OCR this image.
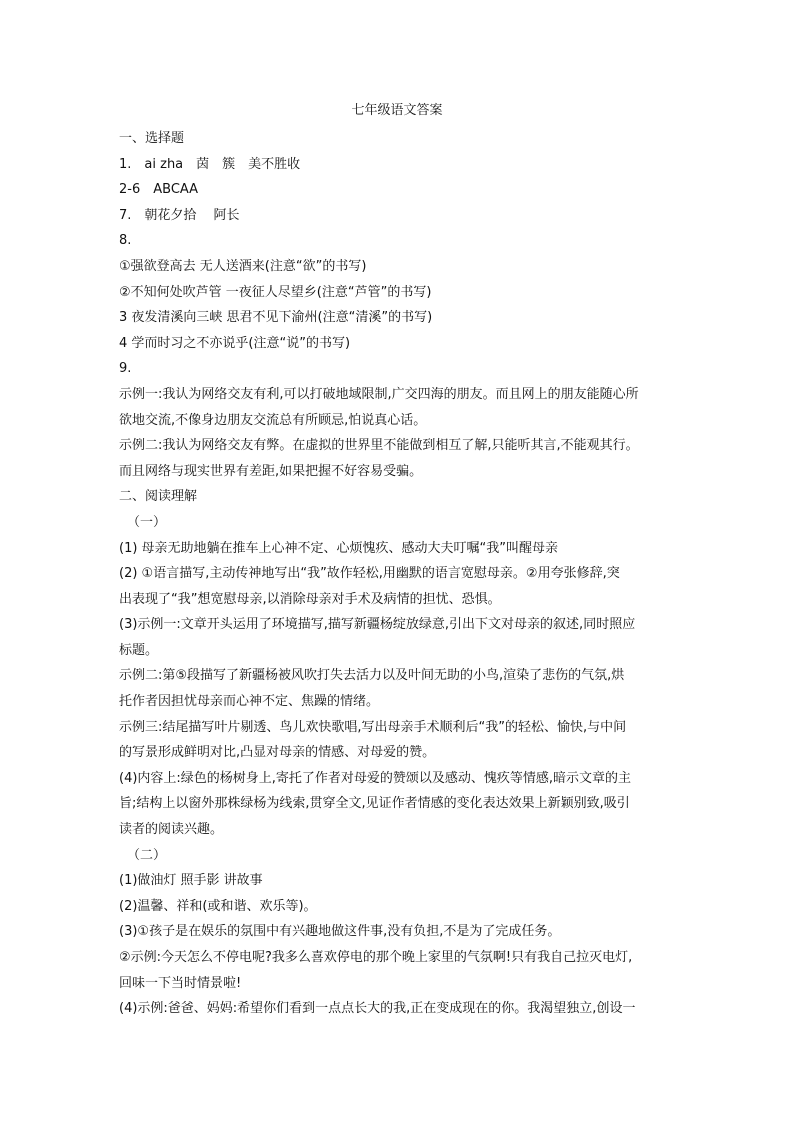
七年级语文答案
一、选择题
1.　ai zha　茵　簇　美不胜收
2-6　ABCAA
7.　朝花夕拾　 阿长
8.
①强欲登高去 无人送酒来(注意“欲”的书写)
②不知何处吹芦管 一夜征人尽望乡(注意“芦管”的书写)
3 夜发清溪向三峡 思君不见下渝州(注意“清溪”的书写)
4 学而时习之不亦说乎(注意“说”的书写)
9.
示例一:我认为网络交友有利,可以打破地域限制,广交四海的朋友。而且网上的朋友能随心所
欲地交流,不像身边朋友交流总有所顾忌,怕说真心话。
示例二:我认为网络交友有弊。在虚拟的世界里不能做到相互了解,只能听其言,不能观其行。
而且网络与现实世界有差距,如果把握不好容易受骗。
二、阅读理解
（一）
(1) 母亲无助地躺在推车上心神不定、心烦愧疚、感动大夫叮嘱“我”叫醒母亲
(2) ①语言描写,主动传神地写出“我”故作轻松,用幽默的语言宽慰母亲。②用夸张修辞,突
出表现了“我”想宽慰母亲,以消除母亲对手术及病情的担忧、恐惧。
(3)示例一:文章开头运用了环境描写,描写新疆杨绽放绿意,引出下文对母亲的叙述,同时照应
标题。
示例二:第⑤段描写了新疆杨被风吹打失去活力以及叶间无助的小鸟,渲染了悲伤的气氛,烘
托作者因担忧母亲而心神不定、焦躁的情绪。
示例三:结尾描写叶片剔透、鸟儿欢快歌唱,写出母亲手术顺利后“我”的轻松、愉快,与中间
的写景形成鲜明对比,凸显对母亲的情感、对母爱的赞。
(4)内容上:绿色的杨树身上,寄托了作者对母爱的赞颂以及感动、愧疚等情感,暗示文章的主
旨;结构上以窗外那株绿杨为线索,贯穿全文,见证作者情感的变化表达效果上新颖别致,吸引
读者的阅读兴趣。
（二）
(1)做油灯 照手影 讲故事
(2)温馨、祥和(或和谐、欢乐等)。
(3)①孩子是在娱乐的氛围中有兴趣地做这件事,没有负担,不是为了完成任务。
②示例:今天怎么不停电呢?我多么喜欢停电的那个晚上家里的气氛啊!只有我自己拉灭电灯,
回味一下当时情景啦!
(4)示例:爸爸、妈妈:希望你们看到一点点长大的我,正在变成现在的你。我渴望独立,创设一
